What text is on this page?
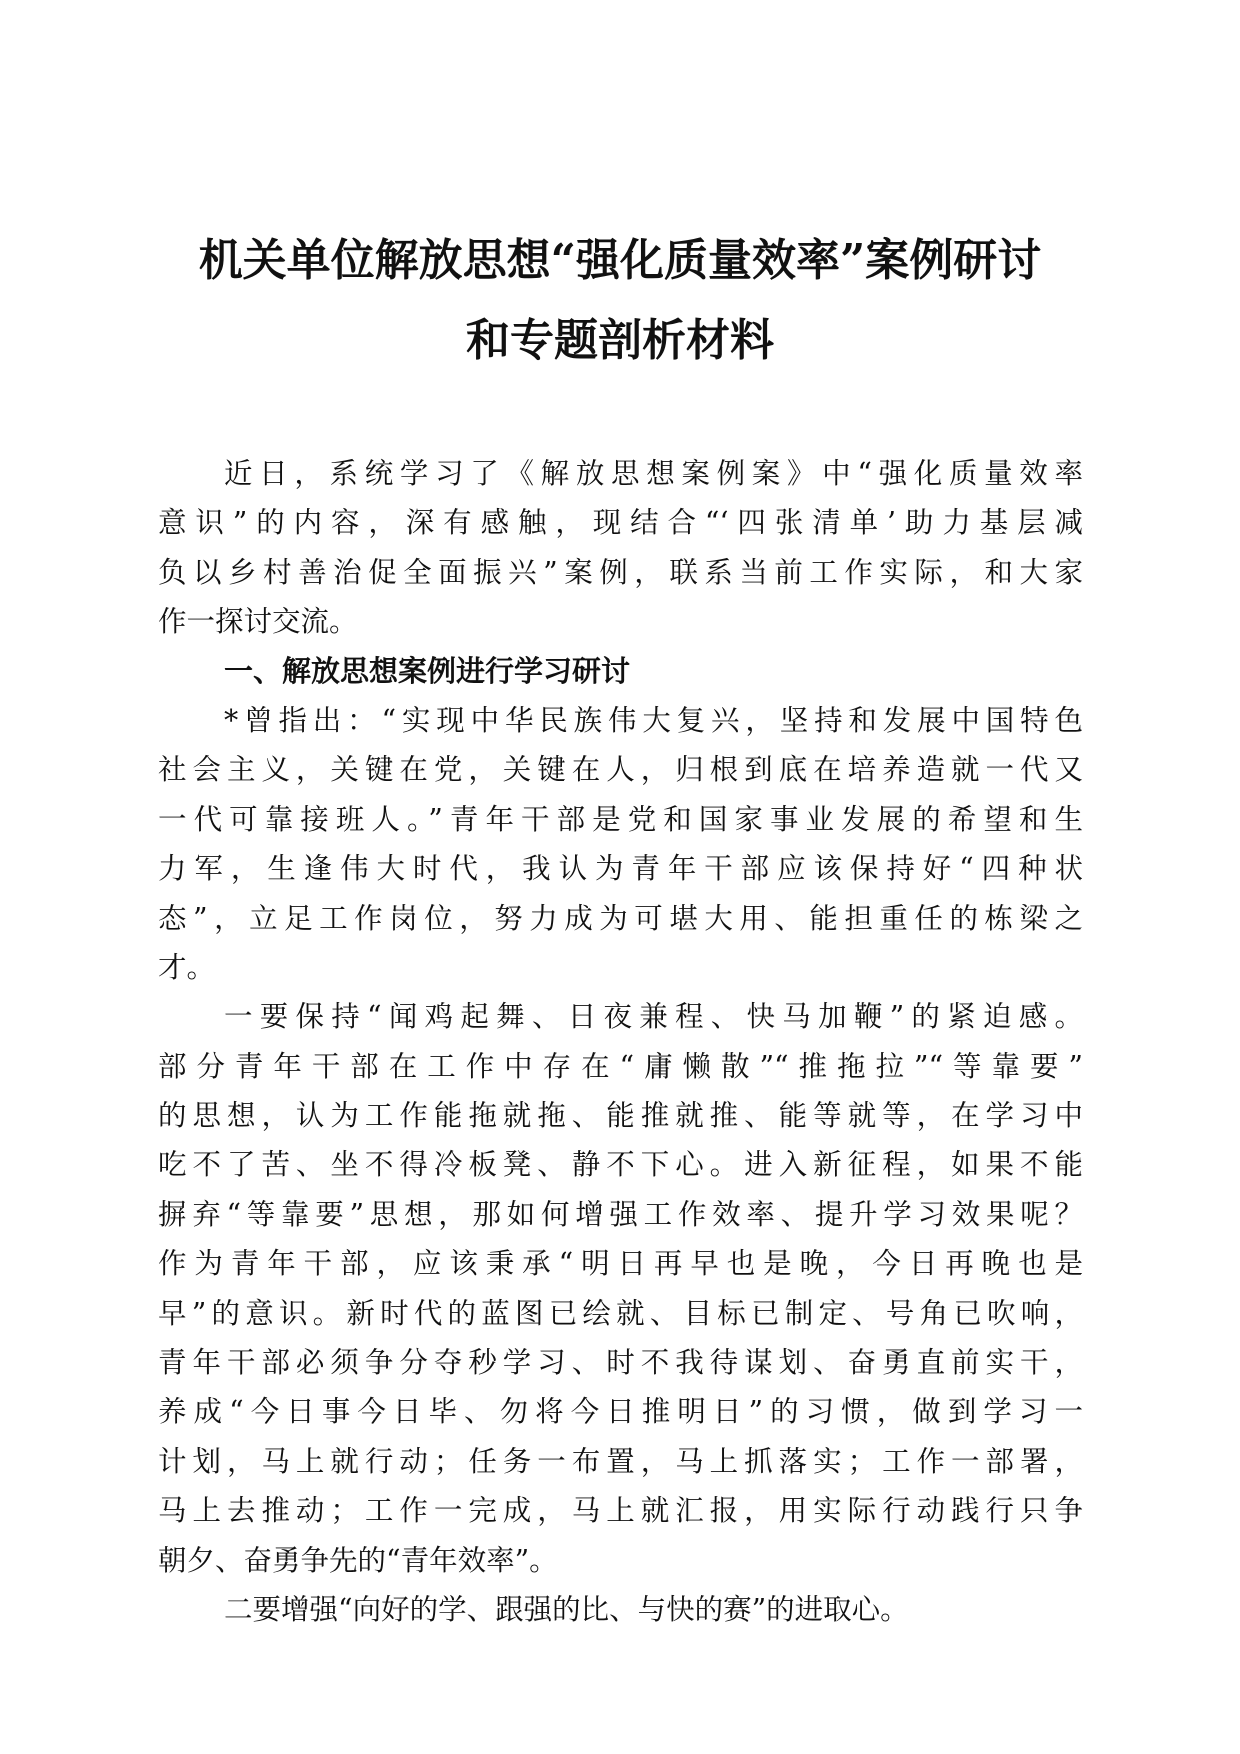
机关单位解放思想“强化质量效率”案例研讨
和专题剖析材料
近日，系统学习了《解放思想案例案》中“强化质量效率
意识”的内容，深有感触，现结合“‘四张清单’助力基层减
负以乡村善治促全面振兴”案例，联系当前工作实际，和大家
作一探讨交流。
一、解放思想案例进行学习研讨
*曾指出：“实现中华民族伟大复兴，坚持和发展中国特色
社会主义，关键在党，关键在人，归根到底在培养造就一代又
一代可靠接班人。”青年干部是党和国家事业发展的希望和生
力军，生逢伟大时代，我认为青年干部应该保持好“四种状
态”，立足工作岗位，努力成为可堪大用、能担重任的栋梁之
才。
一要保持“闻鸡起舞、日夜兼程、快马加鞭”的紧迫感。
部分青年干部在工作中存在“庸懒散”“推拖拉”“等靠要”
的思想，认为工作能拖就拖、能推就推、能等就等，在学习中
吃不了苦、坐不得冷板凳、静不下心。进入新征程，如果不能
摒弃“等靠要”思想，那如何增强工作效率、提升学习效果呢？
作为青年干部，应该秉承“明日再早也是晚，今日再晚也是
早”的意识。新时代的蓝图已绘就、目标已制定、号角已吹响，
青年干部必须争分夺秒学习、时不我待谋划、奋勇直前实干，
养成“今日事今日毕、勿将今日推明日”的习惯，做到学习一
计划，马上就行动；任务一布置，马上抓落实；工作一部署，
马上去推动；工作一完成，马上就汇报，用实际行动践行只争
朝夕、奋勇争先的“青年效率”。
二要增强“向好的学、跟强的比、与快的赛”的进取心。
